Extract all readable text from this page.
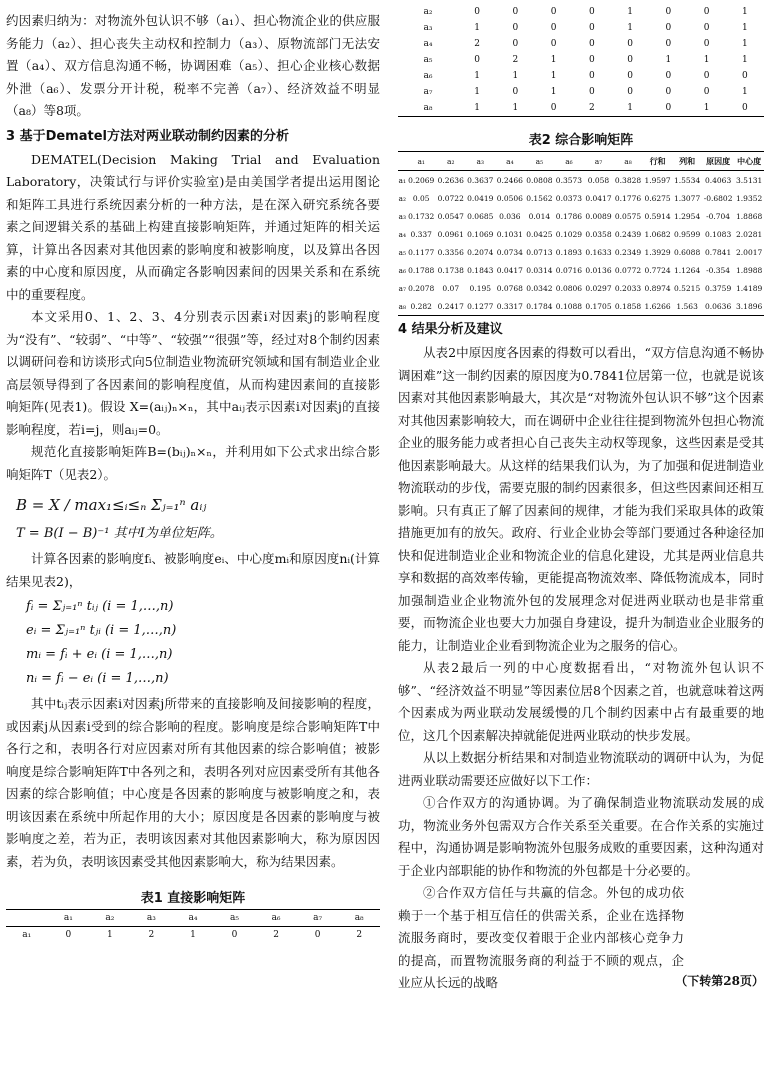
约因素归纳为：对物流外包认识不够（a₁）、担心物流企业的供应服务能力（a₂）、担心丧失主动权和控制力（a₃）、原物流部门无法安置（a₄）、双方信息沟通不畅，协调困难（a₅）、担心企业核心数据外泄（a₆）、发票分开计税，税率不完善（a₇）、经济效益不明显（a₈）等8项。

3 基于Dematel方法对两业联动制约因素的分析

DEMATEL(Decision Making Trial and Evaluation Laboratory，决策试行与评价实验室)是由美国学者提出运用图论和矩阵工具进行系统因素分析的一种方法，是在深入研究系统各要素之间逻辑关系的基础上构建直接影响矩阵，并通过矩阵的相关运算，计算出各因素对其他因素的影响度和被影响度，以及算出各因素的中心度和原因度，从而确定各影响因素间的因果关系和在系统中的重要程度。

本文采用0、1、2、3、4分别表示因素i对因素j的影响程度为“没有”、“较弱”、“中等”、“较强”“很强”等，经过对8个制约因素以调研问卷和访谈形式向5位制造业物流研究领域和国有制造业企业高层领导得到了各因素间的影响程度值，从而构建因素间的直接影响矩阵(见表1)。假设 X=(aᵢⱼ)ₙ×ₙ，其中aᵢⱼ表示因素i对因素j的直接影响程度，若i=j，则aᵢⱼ=0。

规范化直接影响矩阵B=(bᵢⱼ)ₙ×ₙ，并利用如下公式求出综合影响矩阵T（见表2）。

B = X / max₁≤ᵢ≤ₙ Σⱼ₌₁ⁿ aᵢⱼ
T = B(I − B)⁻¹ 其中I为单位矩阵。

计算各因素的影响度fᵢ、被影响度eᵢ、中心度mᵢ和原因度nᵢ(计算结果见表2)，

fᵢ = Σⱼ₌₁ⁿ tᵢⱼ (i = 1,…,n)
eᵢ = Σⱼ₌₁ⁿ tⱼᵢ (i = 1,…,n)
mᵢ = fᵢ + eᵢ (i = 1,…,n)
nᵢ = fᵢ − eᵢ (i = 1,…,n)

其中tᵢⱼ表示因素i对因素j所带来的直接影响及间接影响的程度，或因素j从因素i受到的综合影响的程度。影响度是综合影响矩阵T中各行之和，表明各行对应因素对所有其他因素的综合影响值；被影响度是综合影响矩阵T中各列之和，表明各列对应因素受所有其他各因素的综合影响值；中心度是各因素的影响度与被影响度之和，表明该因素在系统中所起作用的大小；原因度是各因素的影响度与被影响度之差，若为正，表明该因素对其他因素影响大，称为原因因素，若为负，表明该因素受其他因素影响大，称为结果因素。

表1 直接影响矩阵
	a₁	a₂	a₃	a₄	a₅	a₆	a₇	a₈
a₁	0	1	2	1	0	2	0	2
a₂	0	0	0	0	1	0	0	1
a₃	1	0	0	0	1	0	0	1
a₄	2	0	0	0	0	0	0	1
a₅	0	2	1	0	0	1	1	1
a₆	1	1	1	0	0	0	0	0
a₇	1	0	1	0	0	0	0	1
a₈	1	1	0	2	1	0	1	0
表2 综合影响矩阵
	a₁	a₂	a₃	a₄	a₅	a₆	a₇	a₈	行和	列和	原因度	中心度
a₁	0.2069	0.2636	0.3637	0.2466	0.0808	0.3573	0.058	0.3828	1.9597	1.5534	0.4063	3.5131
a₂	0.05	0.0722	0.0419	0.0506	0.1562	0.0373	0.0417	0.1776	0.6275	1.3077	-0.6802	1.9352
a₃	0.1732	0.0547	0.0685	0.036	0.014	0.1786	0.0089	0.0575	0.5914	1.2954	-0.704	1.8868
a₄	0.337	0.0961	0.1069	0.1031	0.0425	0.1029	0.0358	0.2439	1.0682	0.9599	0.1083	2.0281
a₅	0.1177	0.3356	0.2074	0.0734	0.0713	0.1893	0.1633	0.2349	1.3929	0.6088	0.7841	2.0017
a₆	0.1788	0.1738	0.1843	0.0417	0.0314	0.0716	0.0136	0.0772	0.7724	1.1264	-0.354	1.8988
a₇	0.2078	0.07	0.195	0.0768	0.0342	0.0806	0.0297	0.2033	0.8974	0.5215	0.3759	1.4189
a₈	0.282	0.2417	0.1277	0.3317	0.1784	0.1088	0.1705	0.1858	1.6266	1.563	0.0636	3.1896
4 结果分析及建议

从表2中原因度各因素的得数可以看出，“双方信息沟通不畅协调困难”这一制约因素的原因度为0.7841位居第一位，也就是说该因素对其他因素影响最大，其次是“对物流外包认识不够”这个因素对其他因素影响较大，而在调研中企业往往提到物流外包担心物流企业的服务能力或者担心自己丧失主动权等现象，这些因素是受其他因素影响最大。从这样的结果我们认为，为了加强和促进制造业物流联动的步伐，需要克服的制约因素很多，但这些因素间还相互影响。只有真正了解了因素间的规律，才能为我们采取具体的政策措施更加有的放矢。政府、行业企业协会等部门要通过各种途径加快和促进制造业企业和物流企业的信息化建设，尤其是两业信息共享和数据的高效率传输，更能提高物流效率、降低物流成本，同时加强制造业企业物流外包的发展理念对促进两业联动也是非常重要，而物流企业也要大力加强自身建设，提升为制造业企业服务的能力，让制造业企业看到物流企业为之服务的信心。

从表2最后一列的中心度数据看出，“对物流外包认识不够”、“经济效益不明显”等因素位居8个因素之首，也就意味着这两个因素成为两业联动发展缓慢的几个制约因素中占有最重要的地位，这几个因素解决掉就能促进两业联动的快步发展。

从以上数据分析结果和对制造业物流联动的调研中认为，为促进两业联动需要还应做好以下工作：

①合作双方的沟通协调。为了确保制造业物流联动发展的成功，物流业务外包需双方合作关系至关重要。在合作关系的实施过程中，沟通协调是影响物流外包服务成败的重要因素，这种沟通对于企业内部职能的协作和物流的外包都是十分必要的。

②合作双方信任与共赢的信念。外包的成功依赖于一个基于相互信任的供需关系，企业在选择物流服务商时，要改变仅着眼于企业内部核心竞争力的提高，而置物流服务商的利益于不顾的观点，企业应从长远的战略	（下转第28页）
